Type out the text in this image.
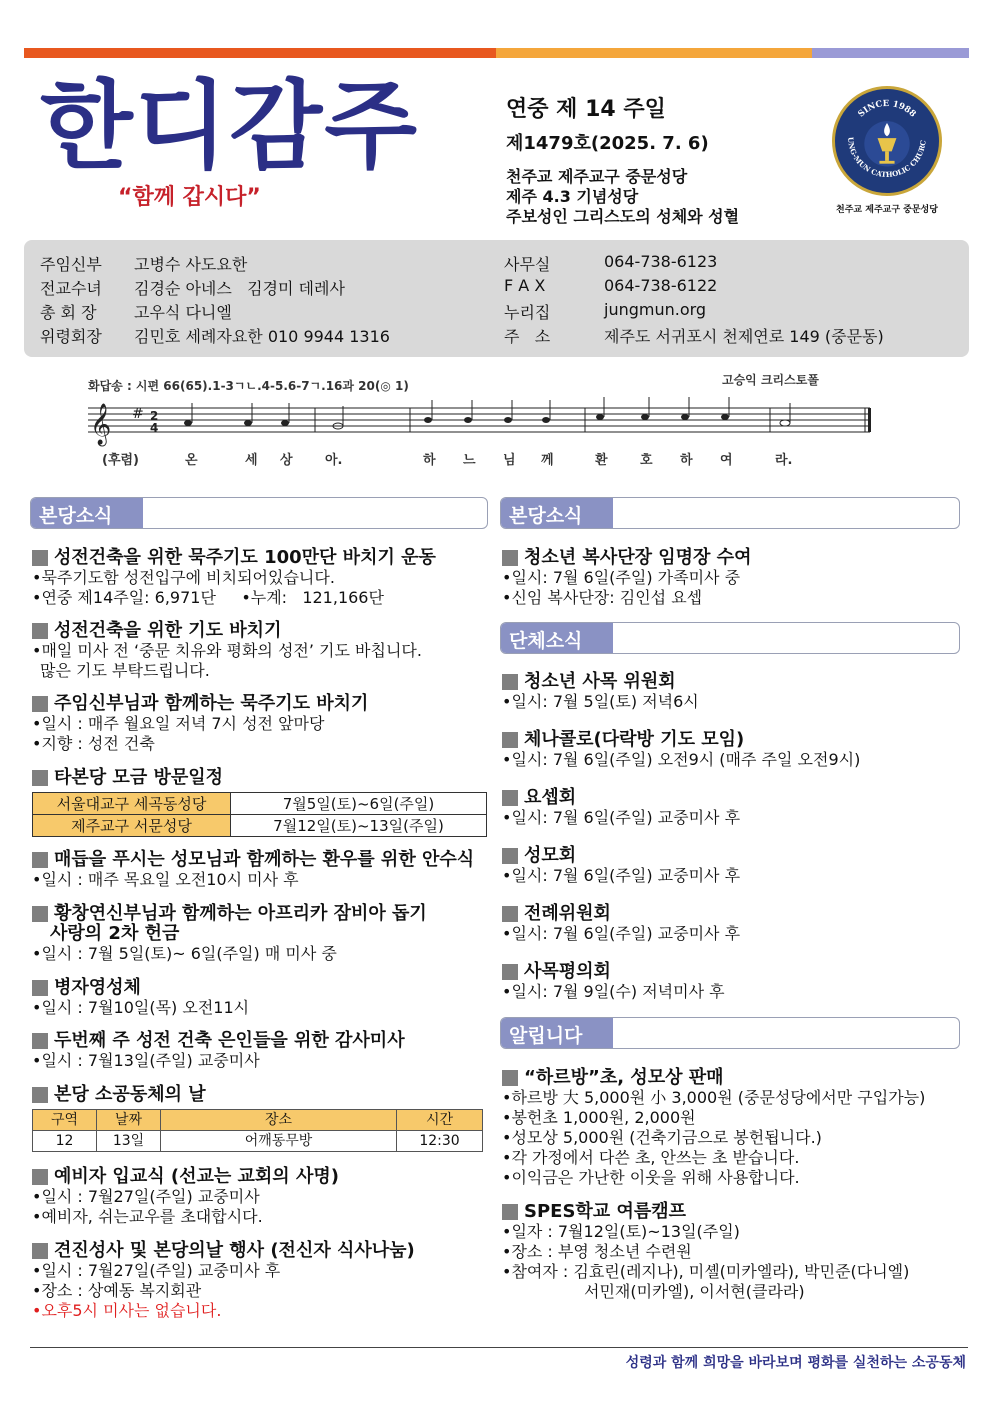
한디감주
“함께 갑시다”
연중 제 14 주일
제1479호(2025. 7. 6)
천주교 제주교구 중문성당
제주 4.3 기념성당
주보성인 그리스도의 성체와 성혈
SINCE 1988
UNG-MUN CATHOLIC CHURC
천주교 제주교구 중문성당
주임신부	고병수 사도요한
전교수녀	김경순 아네스   김경미 데레사
총 회 장	고우식 다니엘
위령회장	김민호 세례자요한 010 9944 1316
사무실	064-738-6123
F A X	064-738-6122
누리집	jungmun.org
주   소	제주도 서귀포시 천제연로 149 (중문동)
화답송 : 시편 66(65).1-3ㄱㄴ.4-5.6-7ㄱ.16과 20(◎ 1)	고승익 크리스토폴
𝄞 # 2
4
(후렴)	온	세 상 아.	하 느 님 께	환 호 하 여	라.
본당소식	본당소식
단체소식
알립니다
성전건축을 위한 묵주기도 100만단 바치기 운동
•묵주기도함 성전입구에 비치되어있습니다.
•연중 제14주일: 6,971단     •누계:   121,166단
성전건축을 위한 기도 바치기
•매일 미사 전 ‘중문 치유와 평화의 성전’ 기도 바칩니다.
많은 기도 부탁드립니다.
주임신부님과 함께하는 묵주기도 바치기
•일시 : 매주 월요일 저녁 7시 성전 앞마당
•지향 : 성전 건축
타본당 모금 방문일정
서울대교구 세곡동성당	7월5일(토)~6일(주일)
제주교구 서문성당	7월12일(토)~13일(주일)
매듭을 푸시는 성모님과 함께하는 환우를 위한 안수식
•일시 : 매주 목요일 오전10시 미사 후
황창연신부님과 함께하는 아프리카 잠비아 돕기
사랑의 2차 헌금
•일시 : 7월 5일(토)~ 6일(주일) 매 미사 중
병자영성체
•일시 : 7월10일(목) 오전11시
두번째 주 성전 건축 은인들을 위한 감사미사
•일시 : 7월13일(주일) 교중미사
본당 소공동체의 날
구역	날짜	장소	시간
12	13일	어깨동무방	12:30
예비자 입교식 (선교는 교회의 사명)
•일시 : 7월27일(주일) 교중미사
•예비자, 쉬는교우를 초대합시다.
견진성사 및 본당의날 행사 (전신자 식사나눔)
•일시 : 7월27일(주일) 교중미사 후
•장소 : 상예동 복지회관
•오후5시 미사는 없습니다.
청소년 복사단장 임명장 수여
•일시: 7월 6일(주일) 가족미사 중
•신임 복사단장: 김인섭 요셉
청소년 사목 위원회
•일시: 7월 5일(토) 저녁6시
체나콜로(다락방 기도 모임)
•일시: 7월 6일(주일) 오전9시 (매주 주일 오전9시)
요셉회
•일시: 7월 6일(주일) 교중미사 후
성모회
•일시: 7월 6일(주일) 교중미사 후
전례위원회
•일시: 7월 6일(주일) 교중미사 후
사목평의회
•일시: 7월 9일(수) 저녁미사 후
“하르방”초, 성모상 판매
•하르방 大 5,000원 小 3,000원 (중문성당에서만 구입가능)
•봉헌초 1,000원, 2,000원
•성모상 5,000원 (건축기금으로 봉헌됩니다.)
•각 가정에서 다쓴 초, 안쓰는 초 받습니다.
•이익금은 가난한 이웃을 위해 사용합니다.
SPES학교 여름캠프
•일자 : 7월12일(토)~13일(주일)
•장소 : 부영 청소년 수련원
•참여자 : 김효린(레지나), 미셸(미카엘라), 박민준(다니엘)
서민재(미카엘), 이서현(클라라)
성령과 함께 희망을 바라보며 평화를 실천하는 소공동체
